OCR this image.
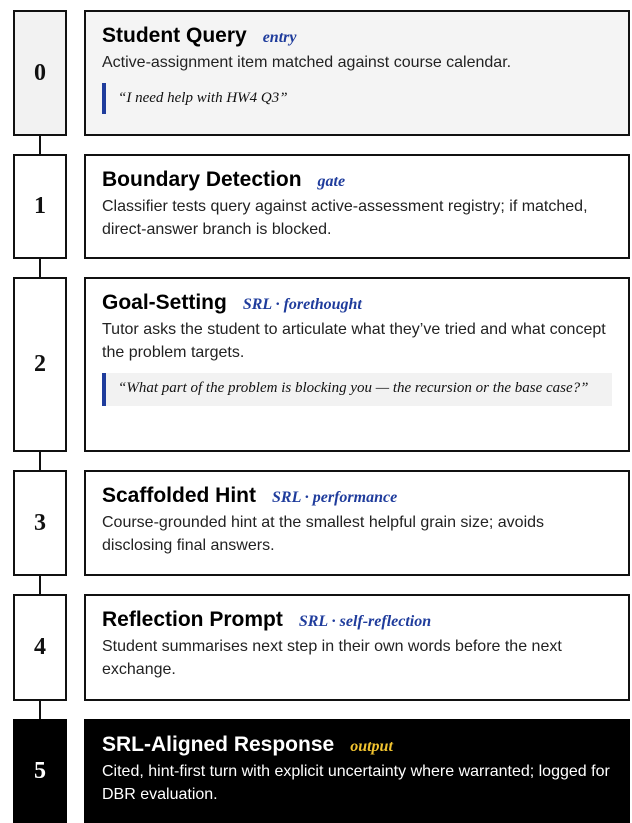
0
Student Query entry
Active-assignment item matched against course calendar.
“I need help with HW4 Q3”
1
Boundary Detection gate
Classifier tests query against active-assessment registry; if matched, direct-answer branch is blocked.
2
Goal-Setting SRL · forethought
Tutor asks the student to articulate what they’ve tried and what concept the problem targets.
“What part of the problem is blocking you — the recursion or the base case?”
3
Scaffolded Hint SRL · performance
Course-grounded hint at the smallest helpful grain size; avoids disclosing final answers.
4
Reflection Prompt SRL · self-reflection
Student summarises next step in their own words before the next exchange.
5
SRL-Aligned Response output
Cited, hint-first turn with explicit uncertainty where warranted; logged for DBR evaluation.
